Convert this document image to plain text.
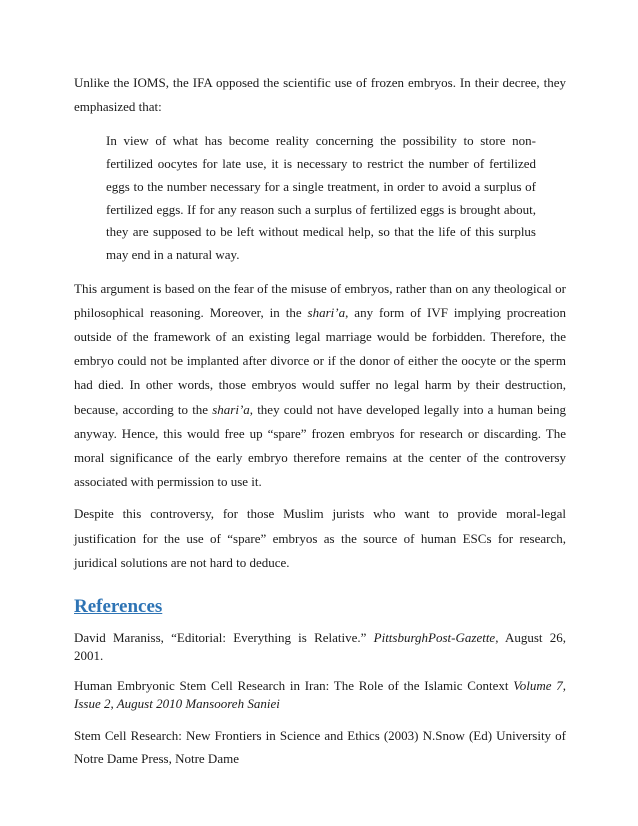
Unlike the IOMS, the IFA opposed the scientific use of frozen embryos. In their decree, they emphasized that:

In view of what has become reality concerning the possibility to store non-fertilized oocytes for late use, it is necessary to restrict the number of fertilized eggs to the number necessary for a single treatment, in order to avoid a surplus of fertilized eggs. If for any reason such a surplus of fertilized eggs is brought about, they are supposed to be left without medical help, so that the life of this surplus may end in a natural way.

This argument is based on the fear of the misuse of embryos, rather than on any theological or philosophical reasoning. Moreover, in the shari’a, any form of IVF implying procreation outside of the framework of an existing legal marriage would be forbidden. Therefore, the embryo could not be implanted after divorce or if the donor of either the oocyte or the sperm had died. In other words, those embryos would suffer no legal harm by their destruction, because, according to the shari’a, they could not have developed legally into a human being anyway. Hence, this would free up “spare” frozen embryos for research or discarding. The moral significance of the early embryo therefore remains at the center of the controversy associated with permission to use it.

Despite this controversy, for those Muslim jurists who want to provide moral-legal justification for the use of “spare” embryos as the source of human ESCs for research, juridical solutions are not hard to deduce.

References

David Maraniss, “Editorial: Everything is Relative.” PittsburghPost-Gazette, August 26, 2001.

Human Embryonic Stem Cell Research in Iran: The Role of the Islamic Context Volume 7, Issue 2, August 2010 Mansooreh Saniei

Stem Cell Research: New Frontiers in Science and Ethics (2003) N.Snow (Ed) University of Notre Dame Press, Notre Dame
